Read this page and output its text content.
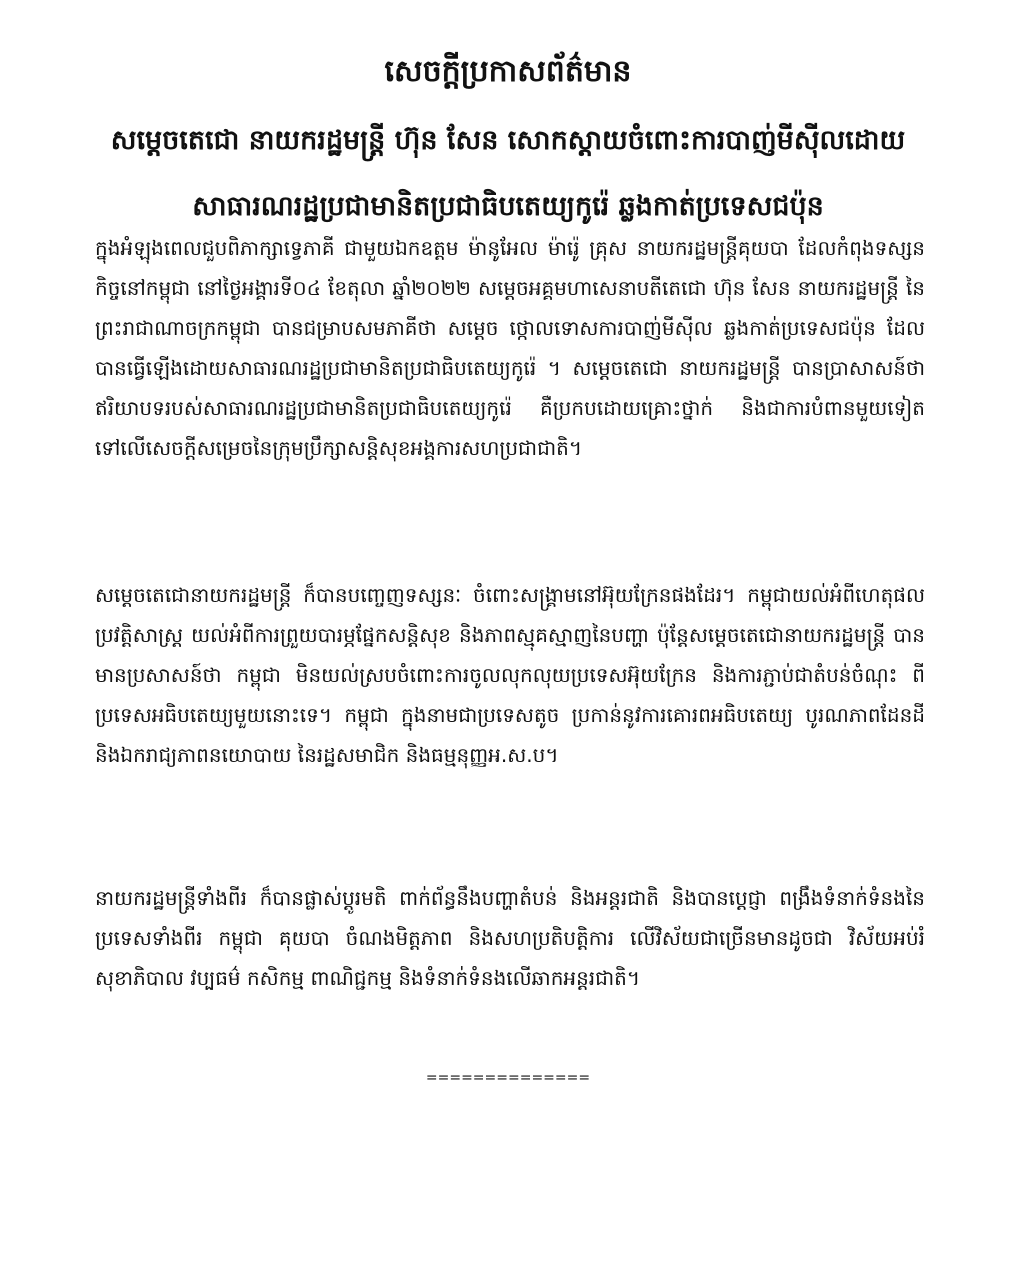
សេចក្តីប្រកាសព័ត៌មាន
សម្តេចតេជោ នាយករដ្ឋមន្ត្រី ហ៊ុន សែន សោកស្តាយចំពោះការបាញ់មីស៊ីលដោយ
សាធារណរដ្ឋប្រជាមានិតប្រជាធិបតេយ្យកូរ៉េ ឆ្លងកាត់ប្រទេសជប៉ុន
ក្នុងអំឡុងពេលជួបពិភាក្សាទ្វេភាគី ជាមួយឯកឧត្តម ម៉ានូអែល ម៉ារ៉េូ គ្រុស នាយករដ្ឋមន្ត្រីគុយបា ដែលកំពុងទស្សនកិច្ចនៅកម្ពុជា នៅថ្ងៃអង្គារទី០៤ ខែតុលា ឆ្នាំ២០២២ សម្តេចអគ្គមហាសេនាបតីតេជោ ហ៊ុន សែន នាយករដ្ឋមន្ត្រី នៃព្រះរាជាណាចក្រកម្ពុជា បានជម្រាបសមភាគីថា សម្តេច ថ្កោលទោសការបាញ់មីស៊ីល ឆ្លងកាត់ប្រទេសជប៉ុន ដែលបានធ្វើឡើងដោយសាធារណរដ្ឋប្រជាមានិតប្រជាធិបតេយ្យកូរ៉េ ។ សម្តេចតេជោ នាយករដ្ឋមន្ត្រី បានប្រាសាសន៍ថា ឥរិយាបទរបស់សាធារណរដ្ឋប្រជាមានិតប្រជាធិបតេយ្យកូរ៉េ គឺប្រកបដោយគ្រោះថ្នាក់ និងជាការបំពានមួយទៀតទៅលើសេចក្តីសម្រេចនៃក្រុមប្រឹក្សាសន្តិសុខអង្គការសហប្រជាជាតិ។
សម្តេចតេជោនាយករដ្ឋមន្ត្រី ក៏បានបញ្ចេញទស្សនៈ ចំពោះសង្គ្រាមនៅអ៊ុយក្រែនផងដែរ។ កម្ពុជាយល់អំពីហេតុផលប្រវត្តិសាស្ត្រ យល់អំពីការព្រួយបារម្ភផ្នែកសន្តិសុខ និងភាពស្មុគស្មាញនៃបញ្ហា ប៉ុន្តែសម្តេចតេជោនាយករដ្ឋមន្ត្រី បានមានប្រសាសន៍ថា កម្ពុជា មិនយល់ស្របចំពោះការចូលលុកលុយប្រទេសអ៊ុយក្រែន និងការភ្ជាប់ជាតំបន់ចំណុះ ពីប្រទេសអធិបតេយ្យមួយនោះទេ។ កម្ពុជា ក្នុងនាមជាប្រទេសតូច ប្រកាន់នូវការគោរពអធិបតេយ្យ បូរណភាពដែនដី និងឯករាជ្យភាពនយោបាយ នៃរដ្ឋសមាជិក និងធម្មនុញ្ញអ.ស.ប។
នាយករដ្ឋមន្ត្រីទាំងពីរ ក៏បានផ្លាស់ប្តូរមតិ ពាក់ព័ន្ធនឹងបញ្ហាតំបន់ និងអន្តរជាតិ និងបានប្តេជ្ញា ពង្រឹងទំនាក់ទំនងនៃប្រទេសទាំងពីរ កម្ពុជា គុយបា ចំណងមិត្តភាព និងសហប្រតិបត្តិការ លើវិស័យជាច្រើនមានដូចជា វិស័យអប់រំ សុខាភិបាល វប្បធម៌ កសិកម្ម ពាណិជ្ជកម្ម និងទំនាក់ទំនងលើឆាកអន្តរជាតិ។
==============
